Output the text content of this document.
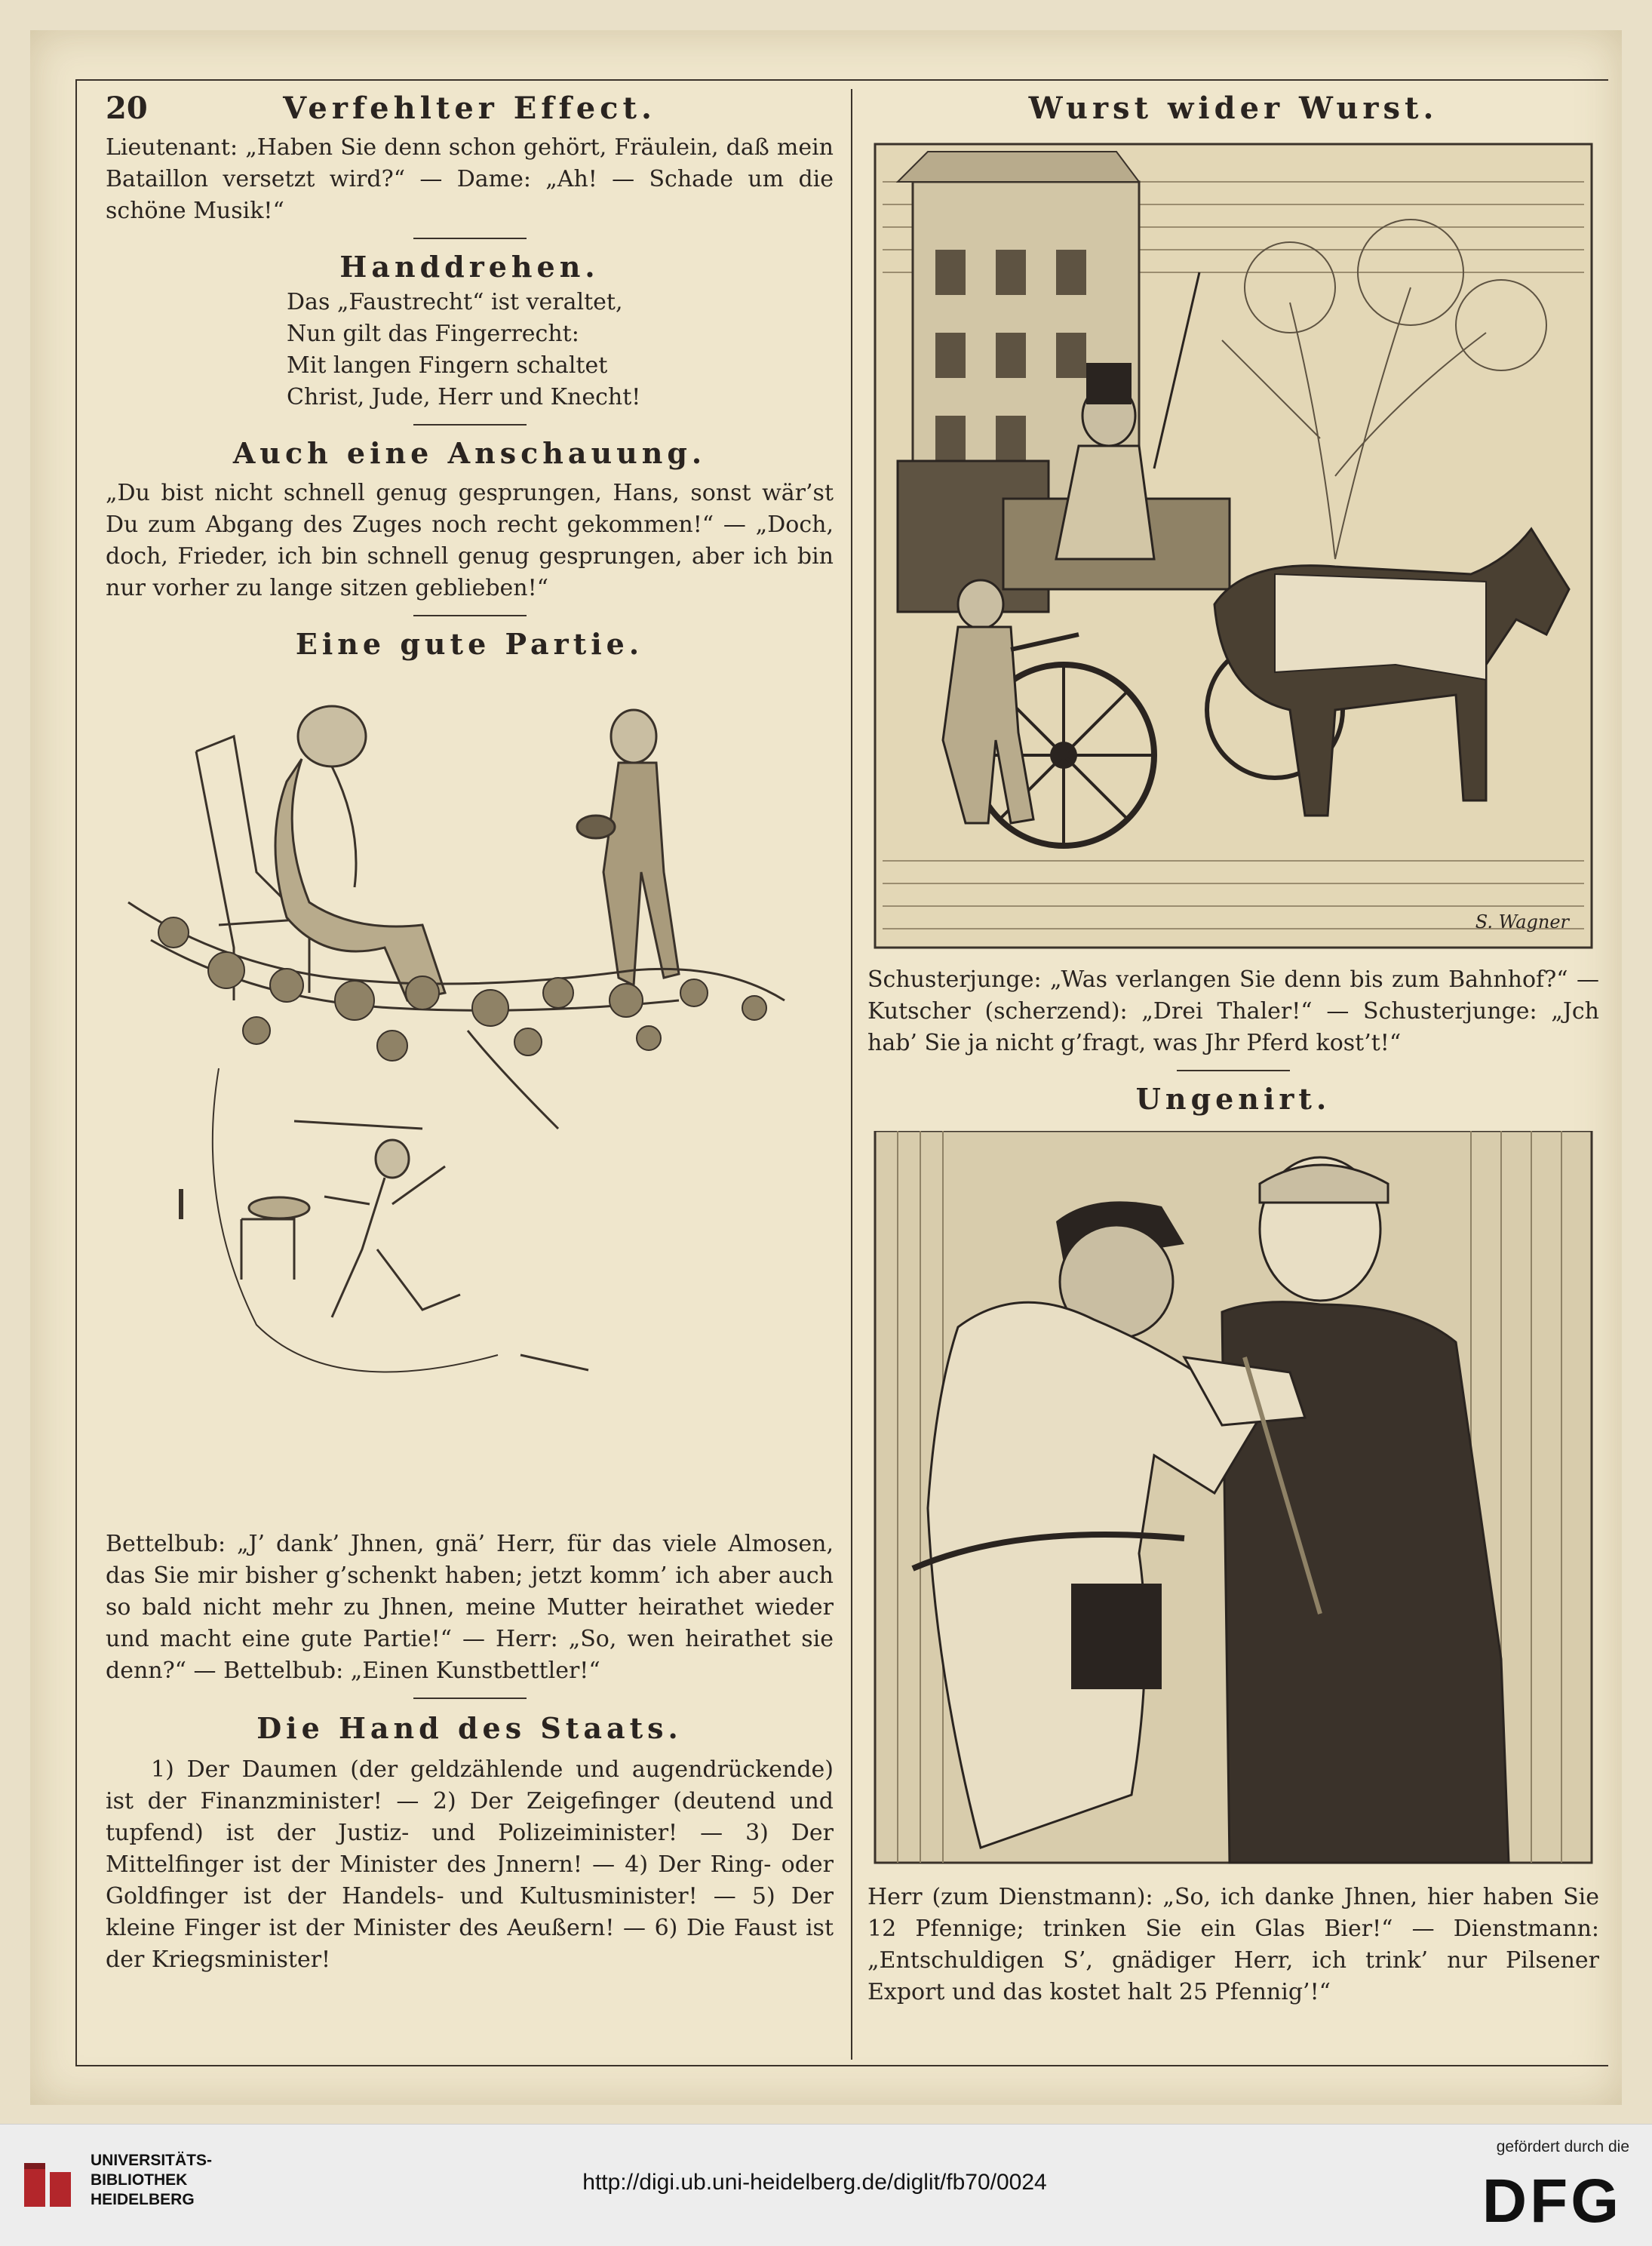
20	Verfehlter Effect.
Lieutenant: „Haben Sie denn schon gehört, Fräulein, daß mein Bataillon versetzt wird?“ — Dame: „Ah! — Schade um die schöne Musik!“
Handdrehen.
Das „Faustrecht“ ist veraltet,
Nun gilt das Fingerrecht:
Mit langen Fingern schaltet
Christ, Jude, Herr und Knecht!
Auch eine Anschauung.
„Du bist nicht schnell genug gesprungen, Hans, sonst wär’st Du zum Abgang des Zuges noch recht gekommen!“ — „Doch, doch, Frieder, ich bin schnell genug gesprungen, aber ich bin nur vorher zu lange sitzen geblieben!“
Eine gute Partie.
Bettelbub: „J’ dank’ Jhnen, gnä’ Herr, für das viele Almosen, das Sie mir bisher g’schenkt haben; jetzt komm’ ich aber auch so bald nicht mehr zu Jhnen, meine Mutter heirathet wieder und macht eine gute Partie!“ — Herr: „So, wen heirathet sie denn?“ — Bettelbub: „Einen Kunstbettler!“
Die Hand des Staats.
1) Der Daumen (der geldzählende und augendrückende) ist der Finanzminister! — 2) Der Zeigefinger (deutend und tupfend) ist der Justiz- und Polizeiminister! — 3) Der Mittelfinger ist der Minister des Jnnern! — 4) Der Ring- oder Goldfinger ist der Handels- und Kultusminister! — 5) Der kleine Finger ist der Minister des Aeußern! — 6) Die Faust ist der Kriegsminister!
Wurst wider Wurst.
S. Wagner
Schusterjunge: „Was verlangen Sie denn bis zum Bahnhof?“ — Kutscher (scherzend): „Drei Thaler!“ — Schusterjunge: „Jch hab’ Sie ja nicht g’fragt, was Jhr Pferd kost’t!“
Ungenirt.
Herr (zum Dienstmann): „So, ich danke Jhnen, hier haben Sie 12 Pfennige; trinken Sie ein Glas Bier!“ — Dienstmann: „Entschuldigen S’, gnädiger Herr, ich trink’ nur Pilsener Export und das kostet halt 25 Pfennig’!“
UNIVERSITÄTS-
BIBLIOTHEK
HEIDELBERG
http://digi.ub.uni-heidelberg.de/diglit/fb70/0024
gefördert durch die
DFG
